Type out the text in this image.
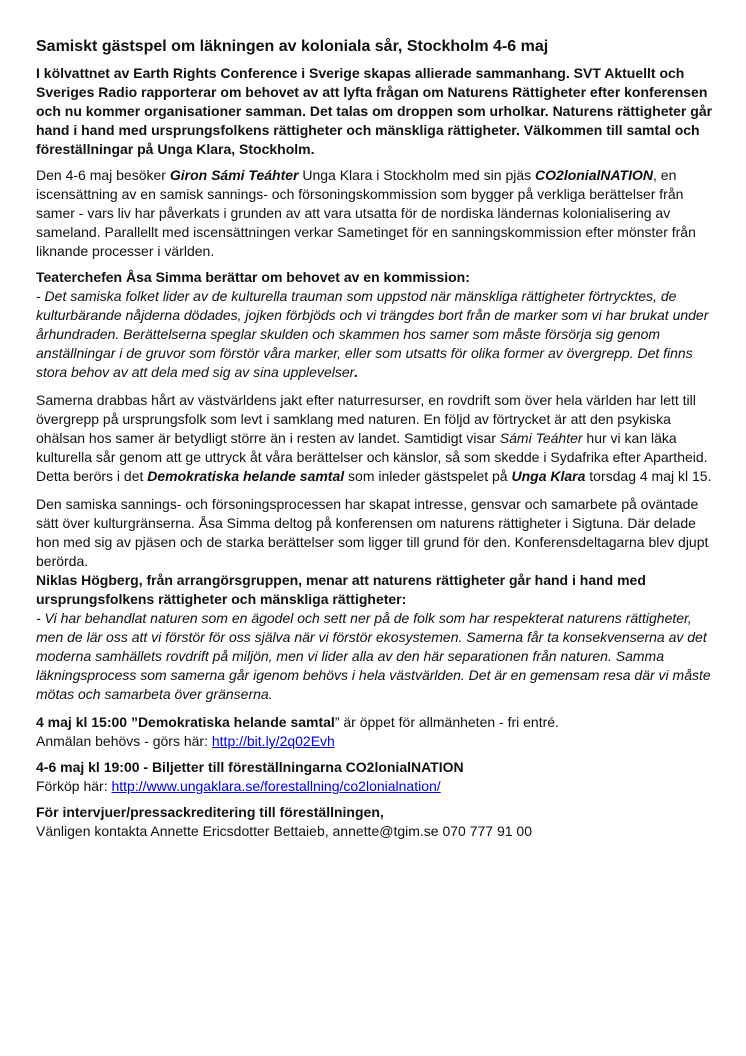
Samiskt gästspel om läkningen av koloniala sår, Stockholm 4-6 maj

I kölvattnet av Earth Rights Conference i Sverige skapas allierade sammanhang. SVT Aktuellt och Sveriges Radio rapporterar om behovet av att lyfta frågan om Naturens Rättigheter efter konferensen och nu kommer organisationer samman. Det talas om droppen som urholkar. Naturens rättigheter går hand i hand med ursprungsfolkens rättigheter och mänskliga rättigheter. Välkommen till samtal och föreställningar på Unga Klara, Stockholm.

Den 4-6 maj besöker Giron Sámi Teáhter Unga Klara i Stockholm med sin pjäs CO2lonialNATION, en iscensättning av en samisk sannings- och försoningskommission som bygger på verkliga berättelser från samer - vars liv har påverkats i grunden av att vara utsatta för de nordiska ländernas kolonialisering av sameland. Parallellt med iscensättningen verkar Sametinget för en sanningskommission efter mönster från liknande processer i världen.

Teaterchefen Åsa Simma berättar om behovet av en kommission:
- Det samiska folket lider av de kulturella trauman som uppstod när mänskliga rättigheter förtrycktes, de kulturbärande nåjderna dödades, jojken förbjöds och vi trängdes bort från de marker som vi har brukat under århundraden. Berättelserna speglar skulden och skammen hos samer som måste försörja sig genom anställningar i de gruvor som förstör våra marker, eller som utsatts för olika former av övergrepp. Det finns stora behov av att dela med sig av sina upplevelser.

Samerna drabbas hårt av västvärldens jakt efter naturresurser, en rovdrift som över hela världen har lett till övergrepp på ursprungsfolk som levt i samklang med naturen. En följd av förtrycket är att den psykiska ohälsan hos samer är betydligt större än i resten av landet. Samtidigt visar Sámi Teáhter hur vi kan läka kulturella sår genom att ge uttryck åt våra berättelser och känslor, så som skedde i Sydafrika efter Apartheid. Detta berörs i det Demokratiska helande samtal som inleder gästspelet på Unga Klara torsdag 4 maj kl 15.

Den samiska sannings- och försoningsprocessen har skapat intresse, gensvar och samarbete på oväntade sätt över kulturgränserna. Åsa Simma deltog på konferensen om naturens rättigheter i Sigtuna. Där delade hon med sig av pjäsen och de starka berättelser som ligger till grund för den. Konferensdeltagarna blev djupt berörda.

Niklas Högberg, från arrangörsgruppen, menar att naturens rättigheter går hand i hand med ursprungsfolkens rättigheter och mänskliga rättigheter:
- Vi har behandlat naturen som en ägodel och sett ner på de folk som har respekterat naturens rättigheter, men de lär oss att vi förstör för oss själva när vi förstör ekosystemen. Samerna får ta konsekvenserna av det moderna samhällets rovdrift på miljön, men vi lider alla av den här separationen från naturen. Samma läkningsprocess som samerna går igenom behövs i hela västvärlden. Det är en gemensam resa där vi måste mötas och samarbeta över gränserna.

4 maj kl 15:00 ”Demokratiska helande samtal” är öppet för allmänheten - fri entré.
Anmälan behövs - görs här: http://bit.ly/2q02Evh

4-6 maj kl 19:00 - Biljetter till föreställningarna CO2lonialNATION
Förköp här: http://www.ungaklara.se/forestallning/co2lonialnation/

För intervjuer/pressackreditering till föreställningen,
Vänligen kontakta Annette Ericsdotter Bettaieb, annette@tgim.se 070 777 91 00
